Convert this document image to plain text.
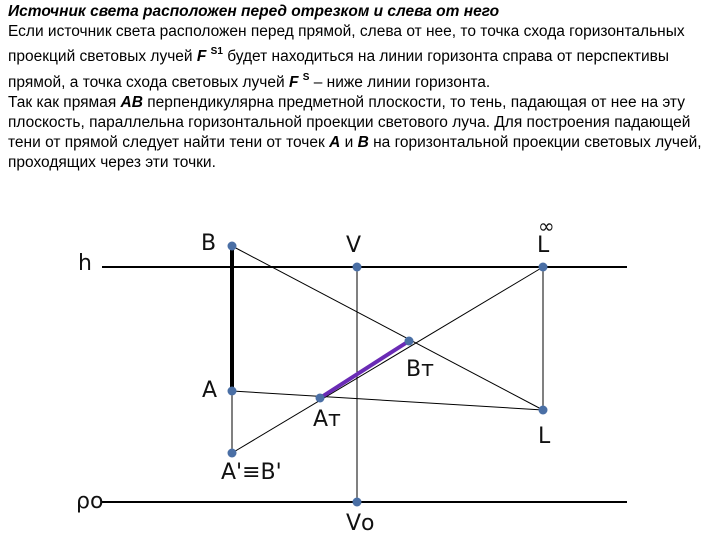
Источник света расположен перед отрезком и слева от него

Если источник света расположен перед прямой, слева от нее, то точка схода горизонтальных проекций световых лучей F $^{S1}$ будет находиться на линии горизонта справа от перспективы прямой, а точка схода световых лучей F $^S$ – ниже линии горизонта.

Так как прямая АВ перпендикулярна предметной плоскости, то тень, падающая от нее на эту плоскость, параллельна горизонтальной проекции светового луча. Для построения падающей тени от прямой следует найти тени от точек А и В на горизонтальной проекции световых лучей, проходящих через эти точки.

h
B	V	L
∞
Bт
A
Aт
L
A'≡B'
ρо
Vо
